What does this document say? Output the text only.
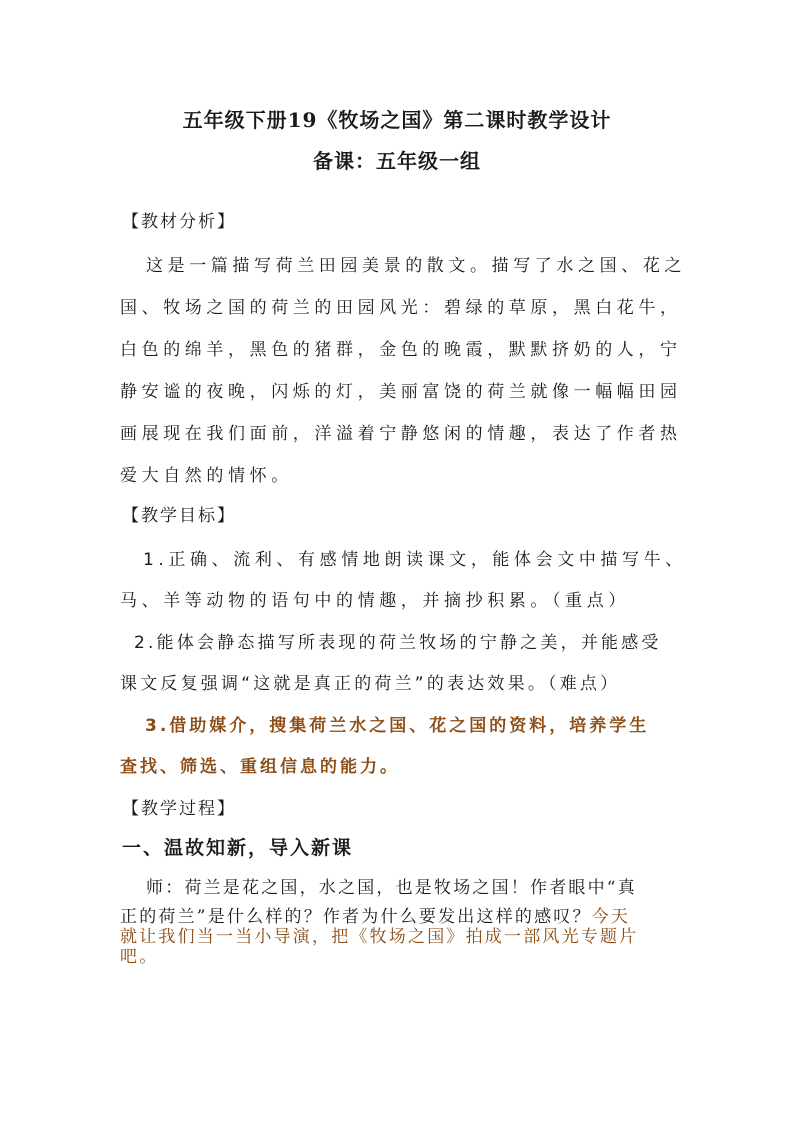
五年级下册19《牧场之国》第二课时教学设计
备课：五年级一组
【教材分析】
这是一篇描写荷兰田园美景的散文。描写了水之国、花之
国、牧场之国的荷兰的田园风光：碧绿的草原，黑白花牛，
白色的绵羊，黑色的猪群，金色的晚霞，默默挤奶的人，宁
静安谧的夜晚，闪烁的灯，美丽富饶的荷兰就像一幅幅田园
画展现在我们面前，洋溢着宁静悠闲的情趣，表达了作者热
爱大自然的情怀。
【教学目标】
1.正确、流利、有感情地朗读课文，能体会文中描写牛、
马、羊等动物的语句中的情趣，并摘抄积累。（重点）
2.能体会静态描写所表现的荷兰牧场的宁静之美，并能感受
课文反复强调“这就是真正的荷兰”的表达效果。（难点）
3.借助媒介，搜集荷兰水之国、花之国的资料，培养学生
查找、筛选、重组信息的能力。
【教学过程】
一、温故知新，导入新课
师：荷兰是花之国，水之国，也是牧场之国！作者眼中“真
正的荷兰”是什么样的？作者为什么要发出这样的感叹？今天
就让我们当一当小导演，把《牧场之国》拍成一部风光专题片
吧。
